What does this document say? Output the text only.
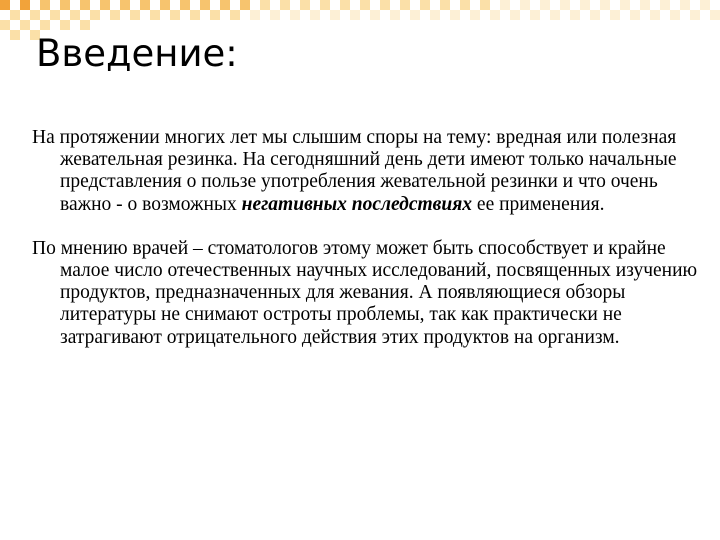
Введение:

На протяжении многих лет мы слышим споры на тему: вредная или полезная жевательная резинка. На сегодняшний день дети имеют только начальные представления о пользе употребления жевательной резинки и что очень важно - о возможных негативных последствиях ее применения.

По мнению врачей – стоматологов этому может быть способствует и крайне малое число отечественных научных исследований, посвященных изучению продуктов, предназначенных для жевания. А появляющиеся обзоры литературы не снимают остроты проблемы, так как практически не затрагивают отрицательного действия этих продуктов на организм.
